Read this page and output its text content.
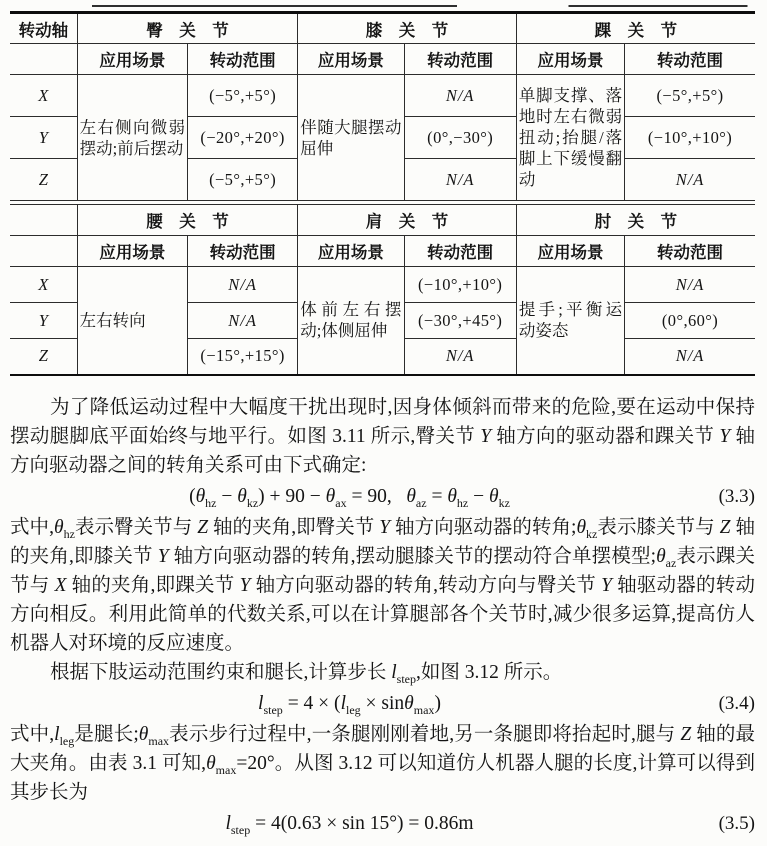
转动轴	臀　关　节		膝　关　节		踝　关　节	
	应用场景	转动范围	应用场景	转动范围	应用场景	转动范围
X	左右侧向微弱摆动;前后摆动	(−5°,+5°)	伴随大腿摆动屈伸	N/A	单脚支撑、落地时左右微弱扭动;抬腿/落脚上下缓慢翻动	(−5°,+5°)
Y		(−20°,+20°)		(0°,−30°)		(−10°,+10°)
Z		(−5°,+5°)		N/A		N/A
	腰　关　节		肩　关　节		肘　关　节	
	应用场景	转动范围	应用场景	转动范围	应用场景	转动范围
X	左右转向	N/A	体前左右摆动;体侧屈伸	(−10°,+10°)	提手;平衡运动姿态	N/A
Y		N/A		(−30°,+45°)		(0°,60°)
Z		(−15°,+15°)		N/A		N/A

为了降低运动过程中大幅度干扰出现时,因身体倾斜而带来的危险,要在运动中保持摆动腿脚底平面始终与地平行。如图 3.11 所示,臀关节 Y 轴方向的驱动器和踝关节 Y 轴方向驱动器之间的转角关系可由下式确定:

$(\theta_{hz} - \theta_{kz}) + 90 - \theta_{ax} = 90$,   $\theta_{az} = \theta_{hz} - \theta_{kz}$	(3.3)

式中$,\theta_{hz}$表示臀关节与 Z 轴的夹角,即臀关节 Y 轴方向驱动器的转角$;\theta_{kz}$表示膝关节与 Z 轴的夹角,即膝关节 Y 轴方向驱动器的转角,摆动腿膝关节的摆动符合单摆模型$;\theta_{az}$表示踝关节与 X 轴的夹角,即踝关节 Y 轴方向驱动器的转角,转动方向与臀关节 Y 轴驱动器的转动方向相反。利用此简单的代数关系,可以在计算腿部各个关节时,减少很多运算,提高仿人机器人对环境的反应速度。

根据下肢运动范围约束和腿长,计算步长 $l_{step}$,如图 3.12 所示。

$l_{step} = 4 \times (l_{leg} \times \sin\theta_{max})$	(3.4)

式中$,l_{leg}$是腿长$;\theta_{max}$表示步行过程中,一条腿刚刚着地,另一条腿即将抬起时,腿与 Z 轴的最大夹角。由表 3.1 可知$,\theta_{max}=20^\circ$。从图 3.12 可以知道仿人机器人腿的长度,计算可以得到其步长为

$l_{step} = 4(0.63 \times \sin 15^\circ) = 0.86m$	(3.5)
